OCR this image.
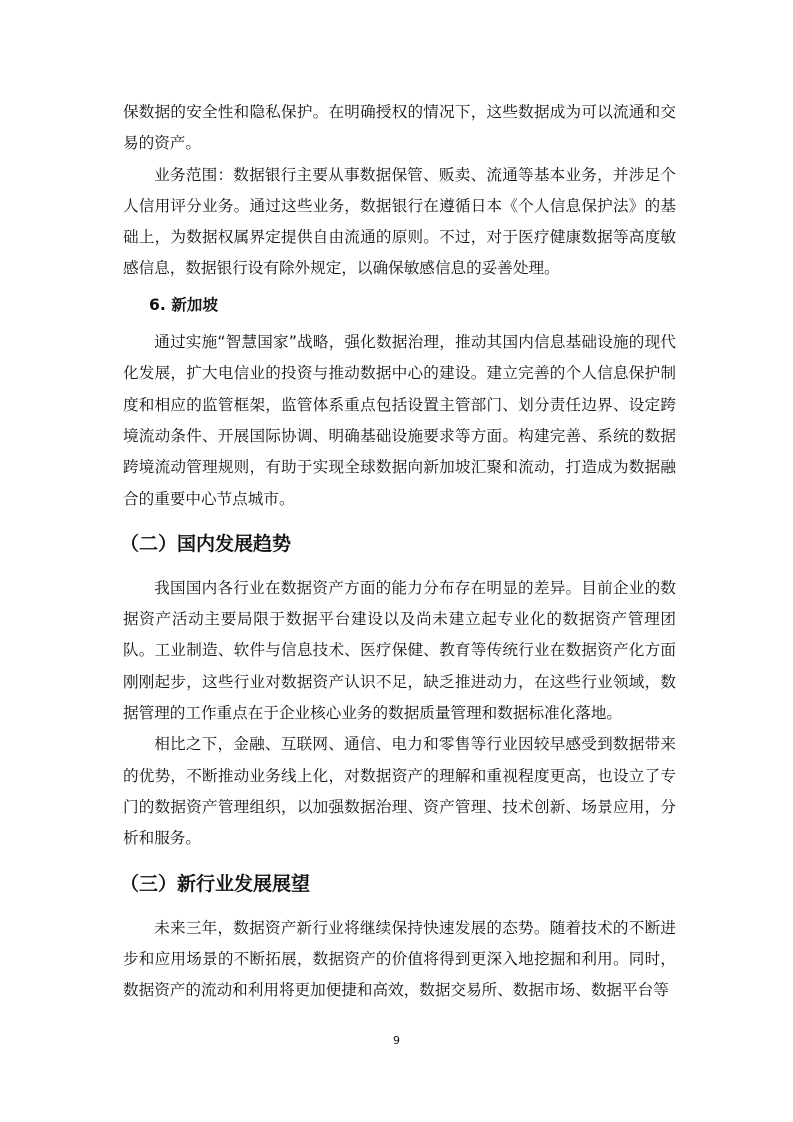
保数据的安全性和隐私保护。在明确授权的情况下，这些数据成为可以流通和交易的资产。

业务范围：数据银行主要从事数据保管、贩卖、流通等基本业务，并涉足个人信用评分业务。通过这些业务，数据银行在遵循日本《个人信息保护法》的基础上，为数据权属界定提供自由流通的原则。不过，对于医疗健康数据等高度敏感信息，数据银行设有除外规定，以确保敏感信息的妥善处理。

6. 新加坡

通过实施“智慧国家”战略，强化数据治理，推动其国内信息基础设施的现代化发展，扩大电信业的投资与推动数据中心的建设。建立完善的个人信息保护制度和相应的监管框架，监管体系重点包括设置主管部门、划分责任边界、设定跨境流动条件、开展国际协调、明确基础设施要求等方面。构建完善、系统的数据跨境流动管理规则，有助于实现全球数据向新加坡汇聚和流动，打造成为数据融合的重要中心节点城市。

（二）国内发展趋势

我国国内各行业在数据资产方面的能力分布存在明显的差异。目前企业的数据资产活动主要局限于数据平台建设以及尚未建立起专业化的数据资产管理团队。工业制造、软件与信息技术、医疗保健、教育等传统行业在数据资产化方面刚刚起步，这些行业对数据资产认识不足，缺乏推进动力，在这些行业领域，数据管理的工作重点在于企业核心业务的数据质量管理和数据标准化落地。

相比之下，金融、互联网、通信、电力和零售等行业因较早感受到数据带来的优势，不断推动业务线上化，对数据资产的理解和重视程度更高，也设立了专门的数据资产管理组织，以加强数据治理、资产管理、技术创新、场景应用，分析和服务。

（三）新行业发展展望

未来三年，数据资产新行业将继续保持快速发展的态势。随着技术的不断进步和应用场景的不断拓展，数据资产的价值将得到更深入地挖掘和利用。同时，数据资产的流动和利用将更加便捷和高效，数据交易所、数据市场、数据平台等

9
